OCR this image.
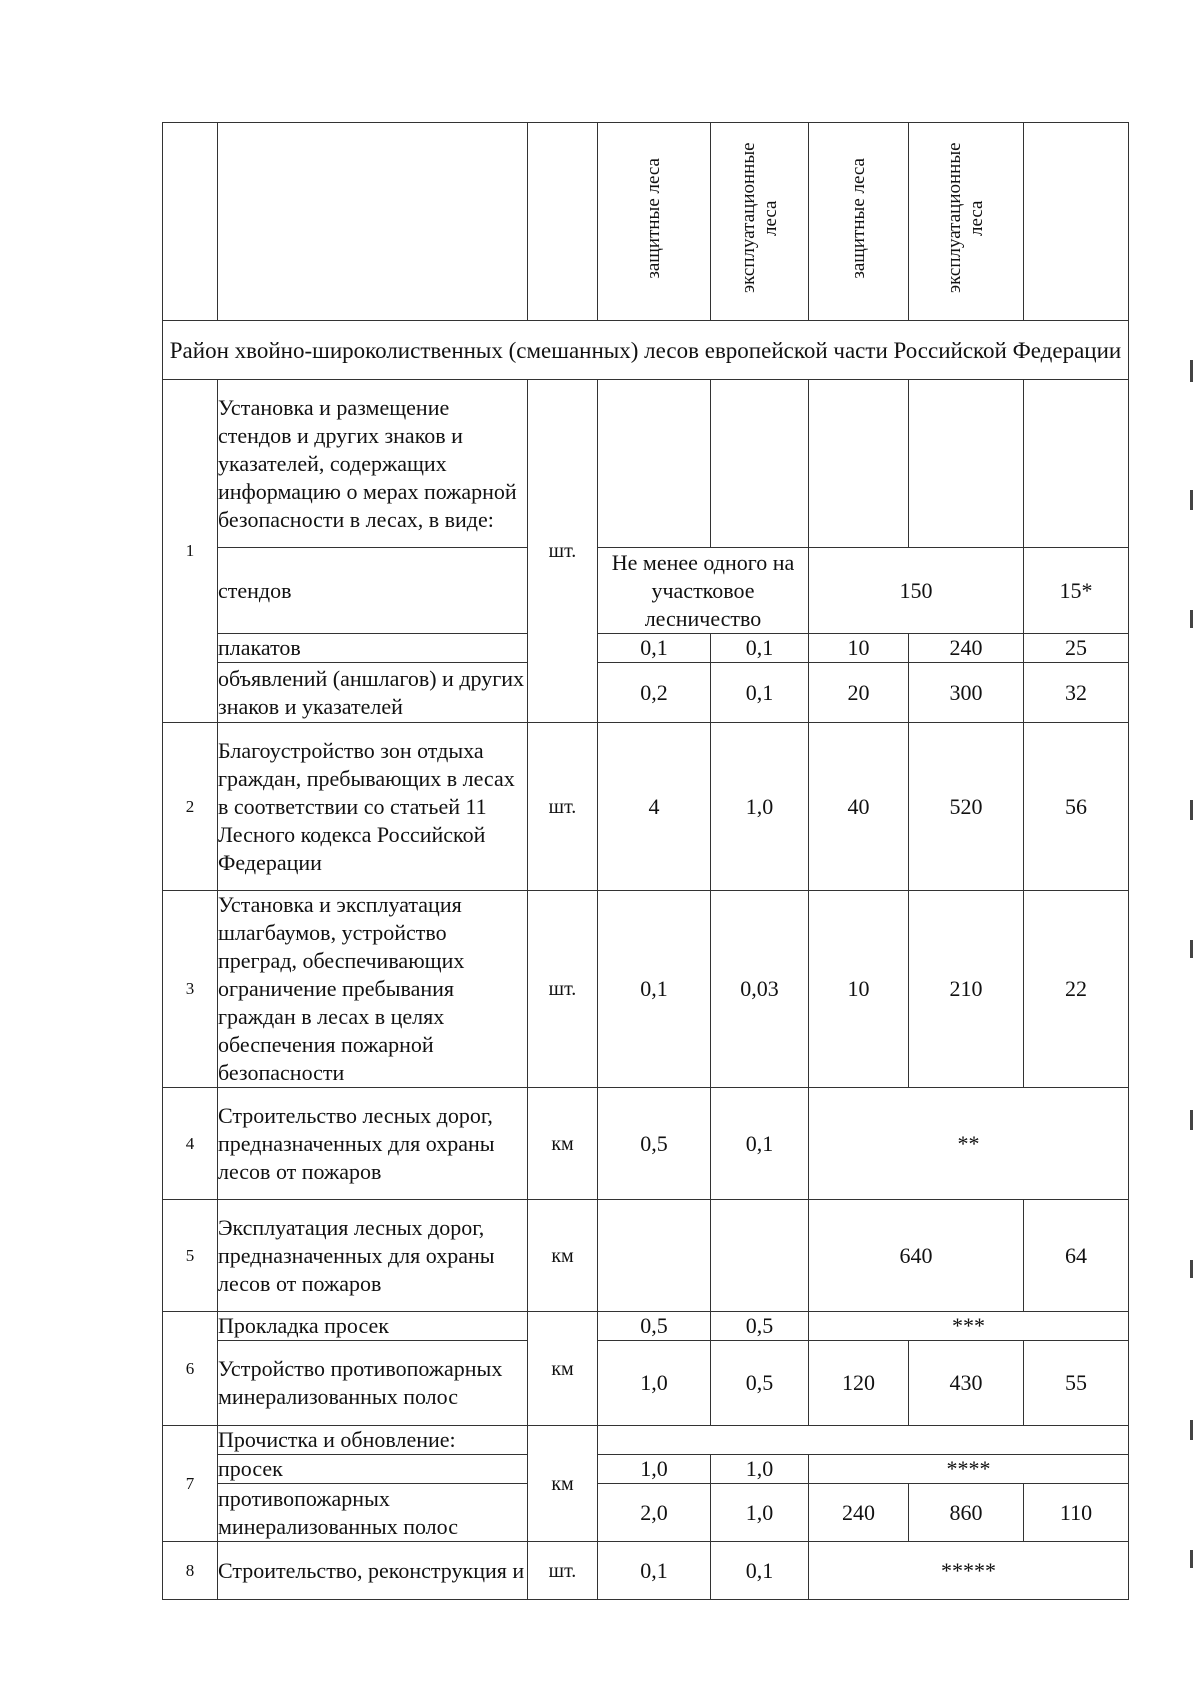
			защитные леса	эксплуатационные леса	защитные леса	эксплуатационные леса	
Район хвойно-широколиственных (смешанных) лесов европейской части Российской Федерации							
1	Установка и размещение стендов и других знаков и указателей, содержащих информацию о мерах пожарной безопасности в лесах, в виде:	шт.					
	стендов		Не менее одного на участковое лесничество		150		15*
	плакатов		0,1	0,1	10	240	25
	объявлений (аншлагов) и других знаков и указателей		0,2	0,1	20	300	32
2	Благоустройство зон отдыха граждан, пребывающих в лесах в соответствии со статьей 11 Лесного кодекса Российской Федерации	шт.	4	1,0	40	520	56
3	Установка и эксплуатация шлагбаумов, устройство преград, обеспечивающих ограничение пребывания граждан в лесах в целях обеспечения пожарной безопасности	шт.	0,1	0,03	10	210	22
4	Строительство лесных дорог, предназначенных для охраны лесов от пожаров	км	0,5	0,1	**		
5	Эксплуатация лесных дорог, предназначенных для охраны лесов от пожаров	км			640		64
6	Прокладка просек	км	0,5	0,5	***		
	Устройство противопожарных минерализованных полос		1,0	0,5	120	430	55
7	Прочистка и обновление:	км					
	просек		1,0	1,0	****		
	противопожарных минерализованных полос		2,0	1,0	240	860	110
8	Строительство, реконструкция и	шт.	0,1	0,1	*****		
